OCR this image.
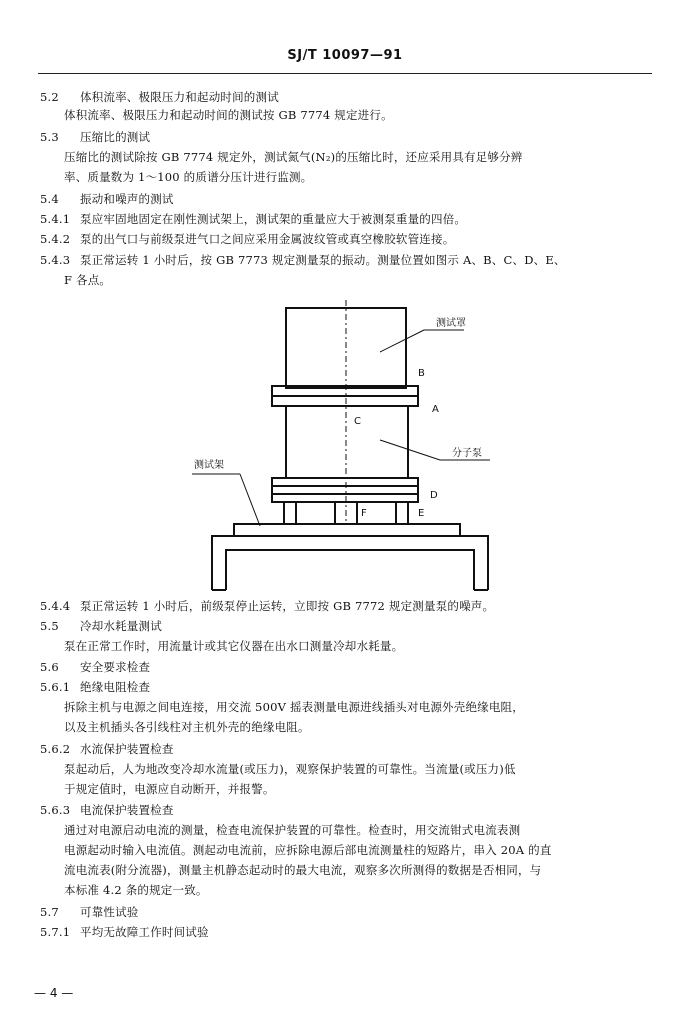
SJ/T 10097—91
5.2 体积流率、极限压力和起动时间的测试
体积流率、极限压力和起动时间的测试按 GB 7774 规定进行。
5.3 压缩比的测试
压缩比的测试除按 GB 7774 规定外，测试氮气(N₂)的压缩比时，还应采用具有足够分辨
率、质量数为 1～100 的质谱分压计进行监测。
5.4 振动和噪声的测试
5.4.1 泵应牢固地固定在刚性测试架上，测试架的重量应大于被测泵重量的四倍。
5.4.2 泵的出气口与前级泵进气口之间应采用金属波纹管或真空橡胶软管连接。
5.4.3 泵正常运转 1 小时后，按 GB 7773 规定测量泵的振动。测量位置如图示 A、B、C、D、E、
F 各点。
5.4.4 泵正常运转 1 小时后，前级泵停止运转，立即按 GB 7772 规定测量泵的噪声。
5.5 冷却水耗量测试
泵在正常工作时，用流量计或其它仪器在出水口测量冷却水耗量。
5.6 安全要求检查
5.6.1 绝缘电阻检查
拆除主机与电源之间电连接，用交流 500V 摇表测量电源进线插头对电源外壳绝缘电阻，
以及主机插头各引线柱对主机外壳的绝缘电阻。
5.6.2 水流保护装置检查
泵起动后，人为地改变冷却水流量(或压力)，观察保护装置的可靠性。当流量(或压力)低
于规定值时，电源应自动断开，并报警。
5.6.3 电流保护装置检查
通过对电源启动电流的测量，检查电流保护装置的可靠性。检查时，用交流钳式电流表测
电源起动时输入电流值。测起动电流前，应拆除电源后部电流测量柱的短路片，串入 20A 的直
流电流表(附分流器)，测量主机静态起动时的最大电流，观察多次所测得的数据是否相同，与
本标准 4.2 条的规定一致。
5.7 可靠性试验
5.7.1 平均无故障工作时间试验
测试罩
分子泵
测试架
B
A
C
D
E
F
— 4 —
